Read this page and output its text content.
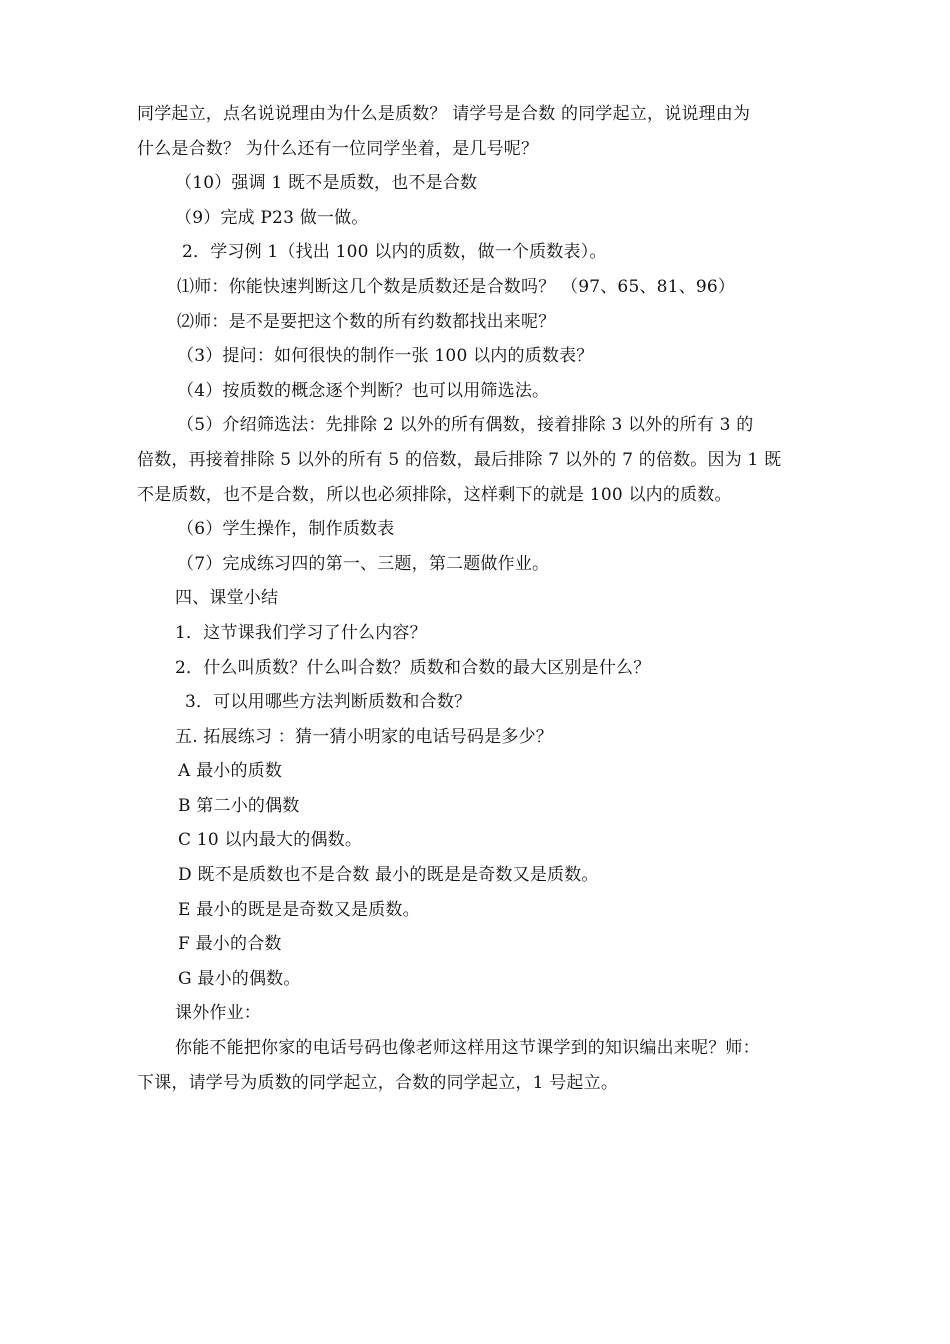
同学起立，点名说说理由为什么是质数？ 请学号是合数 的同学起立，说说理由为
什么是合数？ 为什么还有一位同学坐着，是几号呢？
（10）强调 1 既不是质数，也不是合数
（9）完成 P23 做一做。
2．学习例 1（找出 100 以内的质数，做一个质数表）。
⑴师：你能快速判断这几个数是质数还是合数吗？ （97、65、81、96）
⑵师：是不是要把这个数的所有约数都找出来呢？
（3）提问：如何很快的制作一张 100 以内的质数表？
（4）按质数的概念逐个判断？也可以用筛选法。
（5）介绍筛选法：先排除 2 以外的所有偶数，接着排除 3 以外的所有 3 的
倍数，再接着排除 5 以外的所有 5 的倍数，最后排除 7 以外的 7 的倍数。因为 1 既
不是质数，也不是合数，所以也必须排除，这样剩下的就是 100 以内的质数。
（6）学生操作，制作质数表
（7）完成练习四的第一、三题，第二题做作业。
四、课堂小结
1．这节课我们学习了什么内容？
2．什么叫质数？什么叫合数？质数和合数的最大区别是什么？
3．可以用哪些方法判断质数和合数？
五. 拓展练习 ：猜一猜小明家的电话号码是多少？
A 最小的质数
B 第二小的偶数
C 10 以内最大的偶数。
D 既不是质数也不是合数 最小的既是是奇数又是质数。
E 最小的既是是奇数又是质数。
F 最小的合数
G 最小的偶数。
课外作业：
你能不能把你家的电话号码也像老师这样用这节课学到的知识编出来呢？师：
下课，请学号为质数的同学起立，合数的同学起立，1 号起立。
